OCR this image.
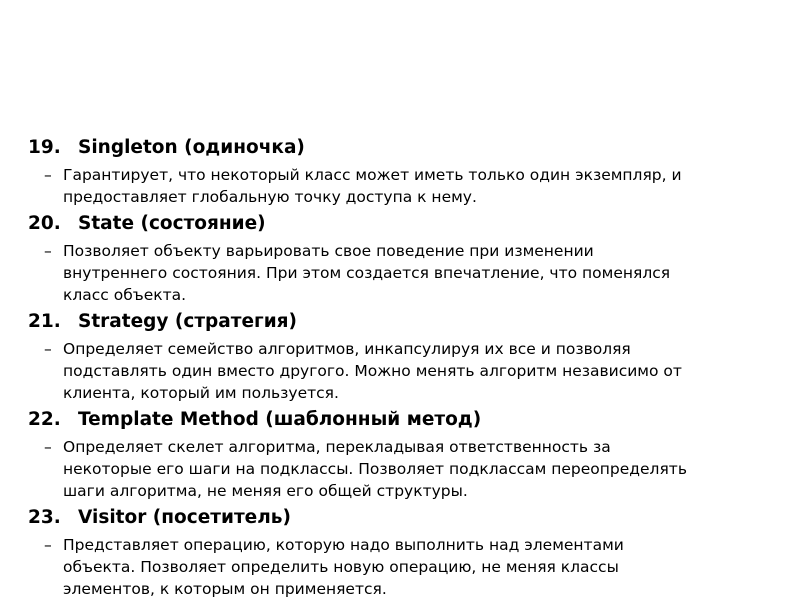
19. Singleton (одиночка)
– Гарантирует, что некоторый класс может иметь только один экземпляр, и
предоставляет глобальную точку доступа к нему.
20. State (состояние)
– Позволяет объекту варьировать свое поведение при изменении
внутреннего состояния. При этом создается впечатление, что поменялся
класс объекта.
21. Strategy (стратегия)
– Определяет семейство алгоритмов, инкапсулируя их все и позволяя
подставлять один вместо другого. Можно менять алгоритм независимо от
клиента, который им пользуется.
22. Template Method (шаблонный метод)
– Определяет скелет алгоритма, перекладывая ответственность за
некоторые его шаги на подклассы. Позволяет подклассам переопределять
шаги алгоритма, не меняя его общей структуры.
23. Visitor (посетитель)
– Представляет операцию, которую надо выполнить над элементами
объекта. Позволяет определить новую операцию, не меняя классы
элементов, к которым он применяется.
